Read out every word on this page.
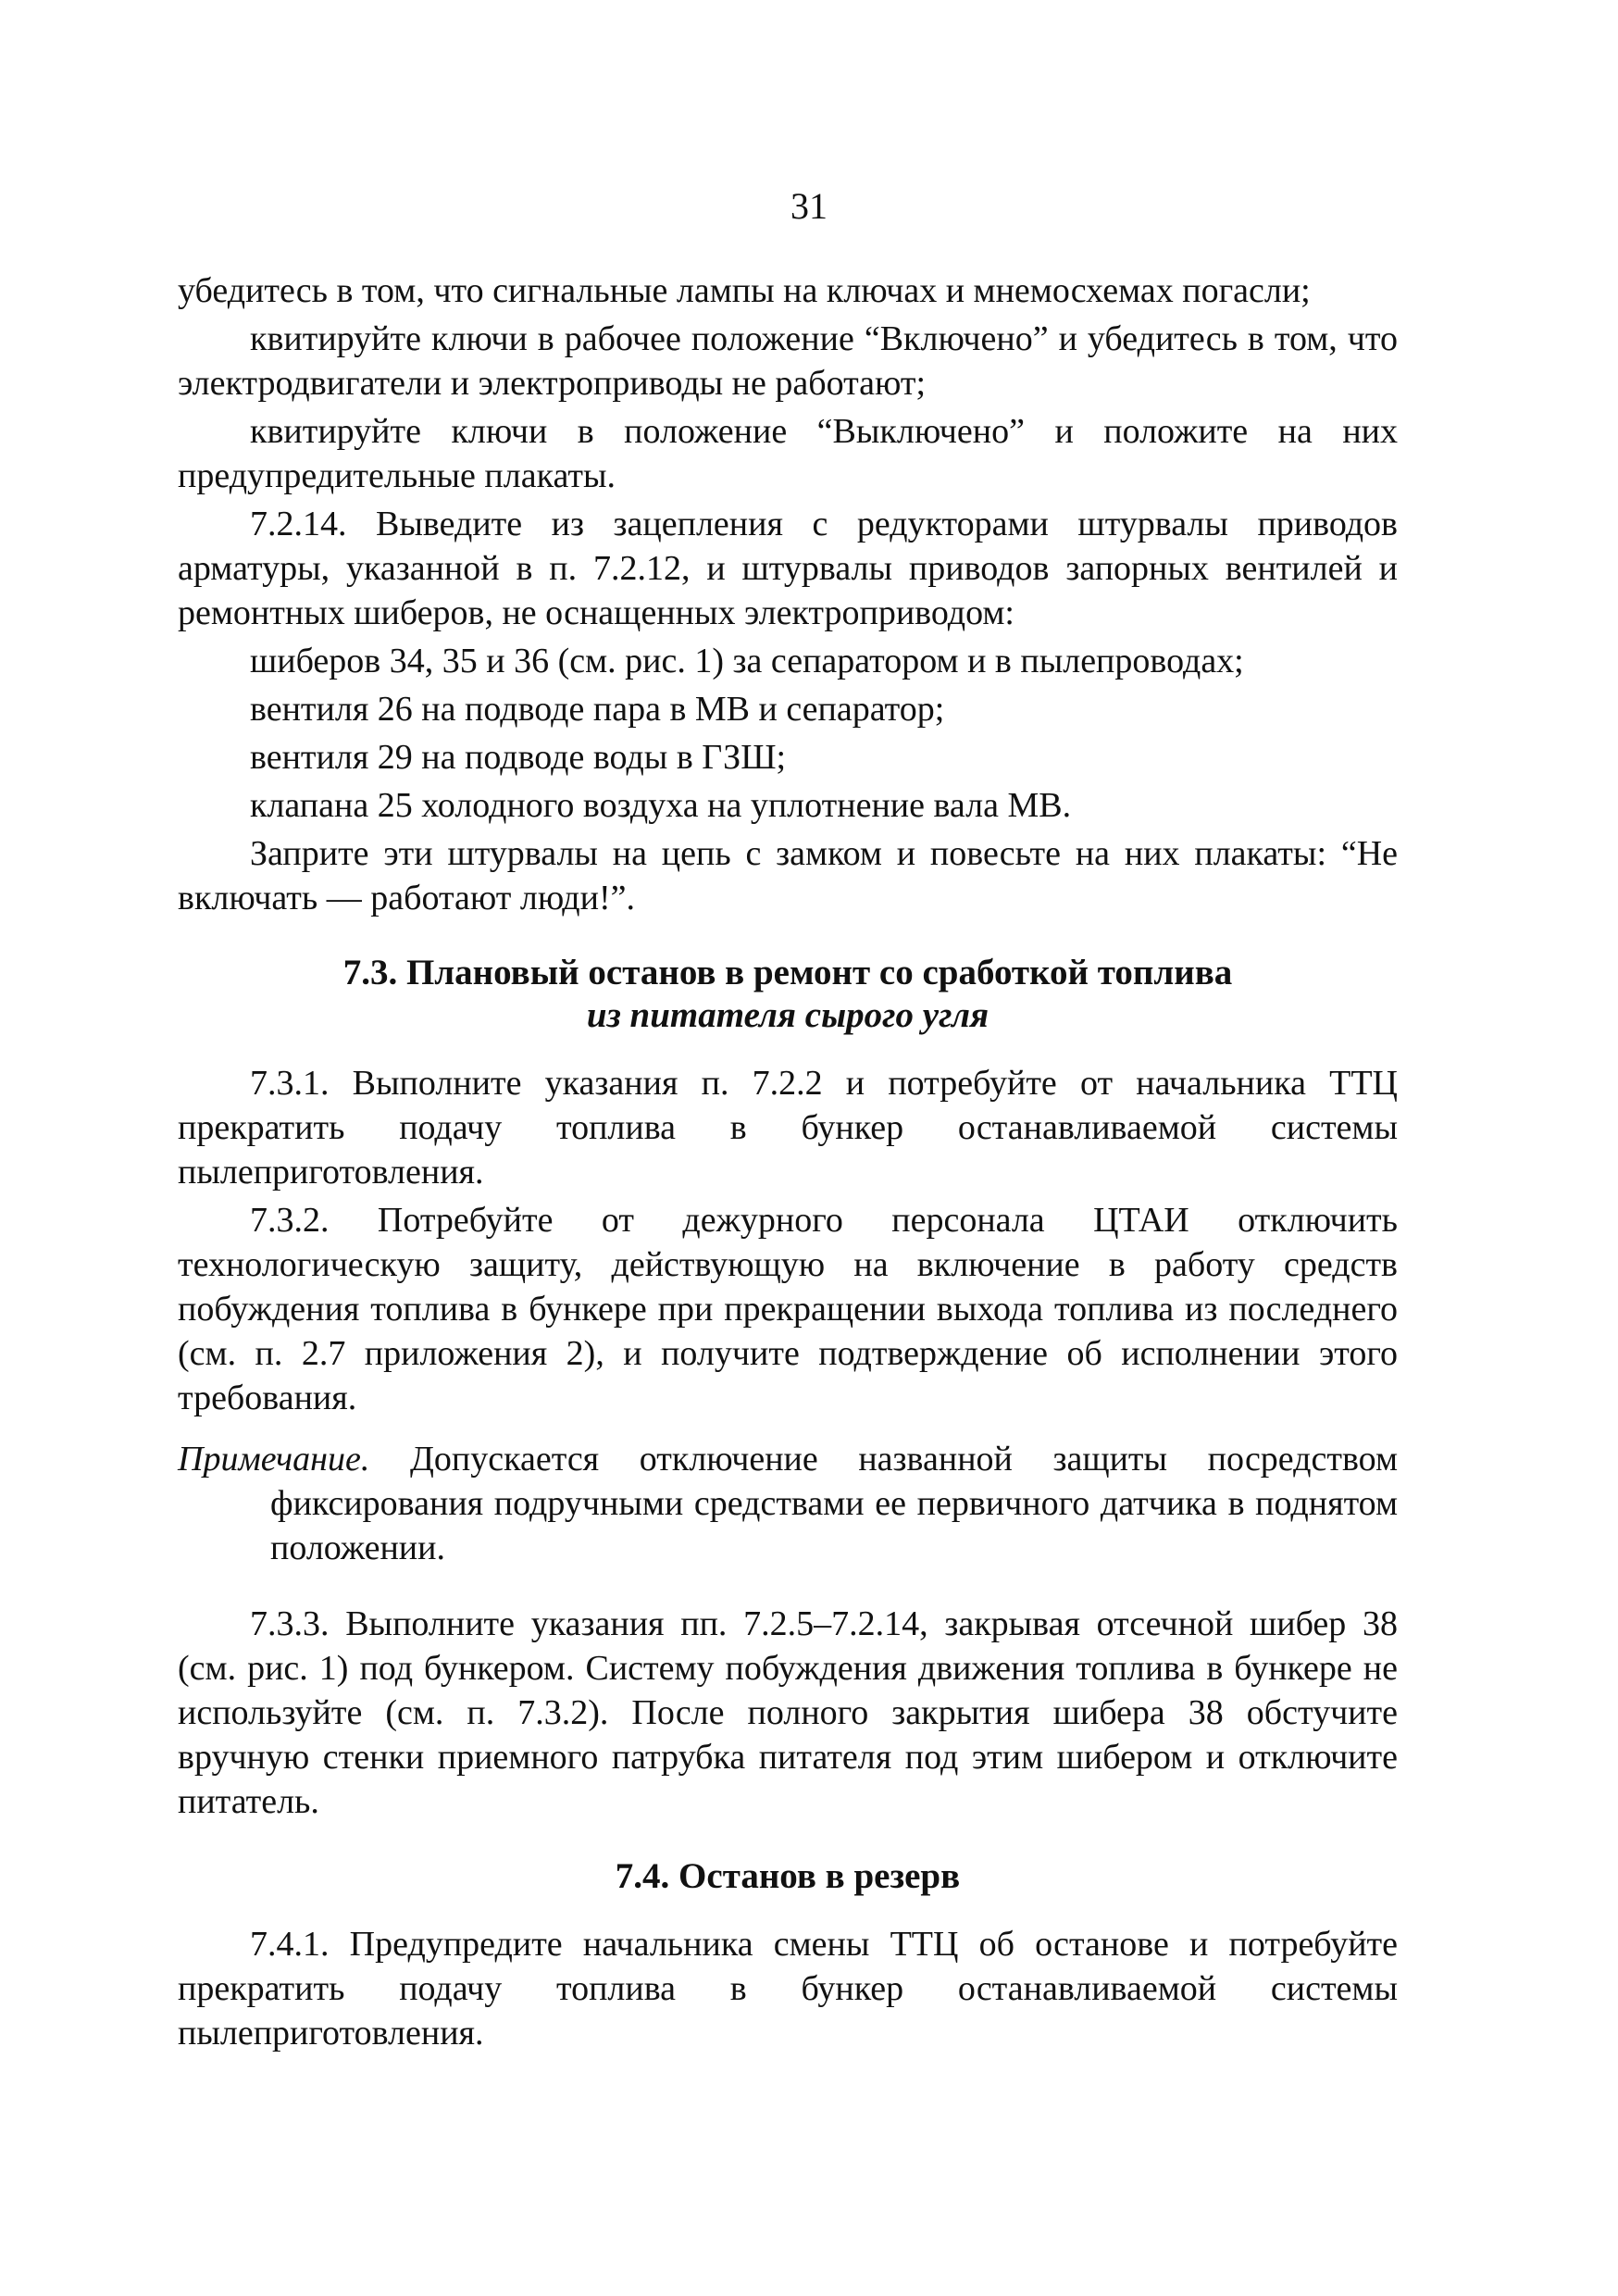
31

убедитесь в том, что сигнальные лампы на ключах и мнемосхемах погасли;

квитируйте ключи в рабочее положение “Включено” и убедитесь в том, что электродвигатели и электроприводы не работают;

квитируйте ключи в положение “Выключено” и положите на них предупредительные плакаты.

7.2.14. Выведите из зацепления с редукторами штурвалы приводов арматуры, указанной в п. 7.2.12, и штурвалы приводов запорных вентилей и ремонтных шиберов, не оснащенных электроприводом:

шиберов 34, 35 и 36 (см. рис. 1) за сепаратором и в пылепроводах;

вентиля 26 на подводе пара в МВ и сепаратор;

вентиля 29 на подводе воды в ГЗШ;

клапана 25 холодного воздуха на уплотнение вала МВ.

Заприте эти штурвалы на цепь с замком и повесьте на них плакаты: “Не включать — работают люди!”.

7.3. Плановый останов в ремонт со сработкой топлива
из питателя сырого угля

7.3.1. Выполните указания п. 7.2.2 и потребуйте от начальника ТТЦ прекратить подачу топлива в бункер останавливаемой системы пылеприготовления.

7.3.2. Потребуйте от дежурного персонала ЦТАИ отключить технологическую защиту, действующую на включение в работу средств побуждения топлива в бункере при прекращении выхода топлива из последнего (см. п. 2.7 приложения 2), и получите подтверждение об исполнении этого требования.

Примечание. Допускается отключение названной защиты посредством фиксирования подручными средствами ее первичного датчика в поднятом положении.

7.3.3. Выполните указания пп. 7.2.5–7.2.14, закрывая отсечной шибер 38 (см. рис. 1) под бункером. Систему побуждения движения топлива в бункере не используйте (см. п. 7.3.2). После полного закрытия шибера 38 обстучите вручную стенки приемного патрубка питателя под этим шибером и отключите питатель.

7.4. Останов в резерв

7.4.1. Предупредите начальника смены ТТЦ об останове и потребуйте прекратить подачу топлива в бункер останавливаемой системы пылеприготовления.
